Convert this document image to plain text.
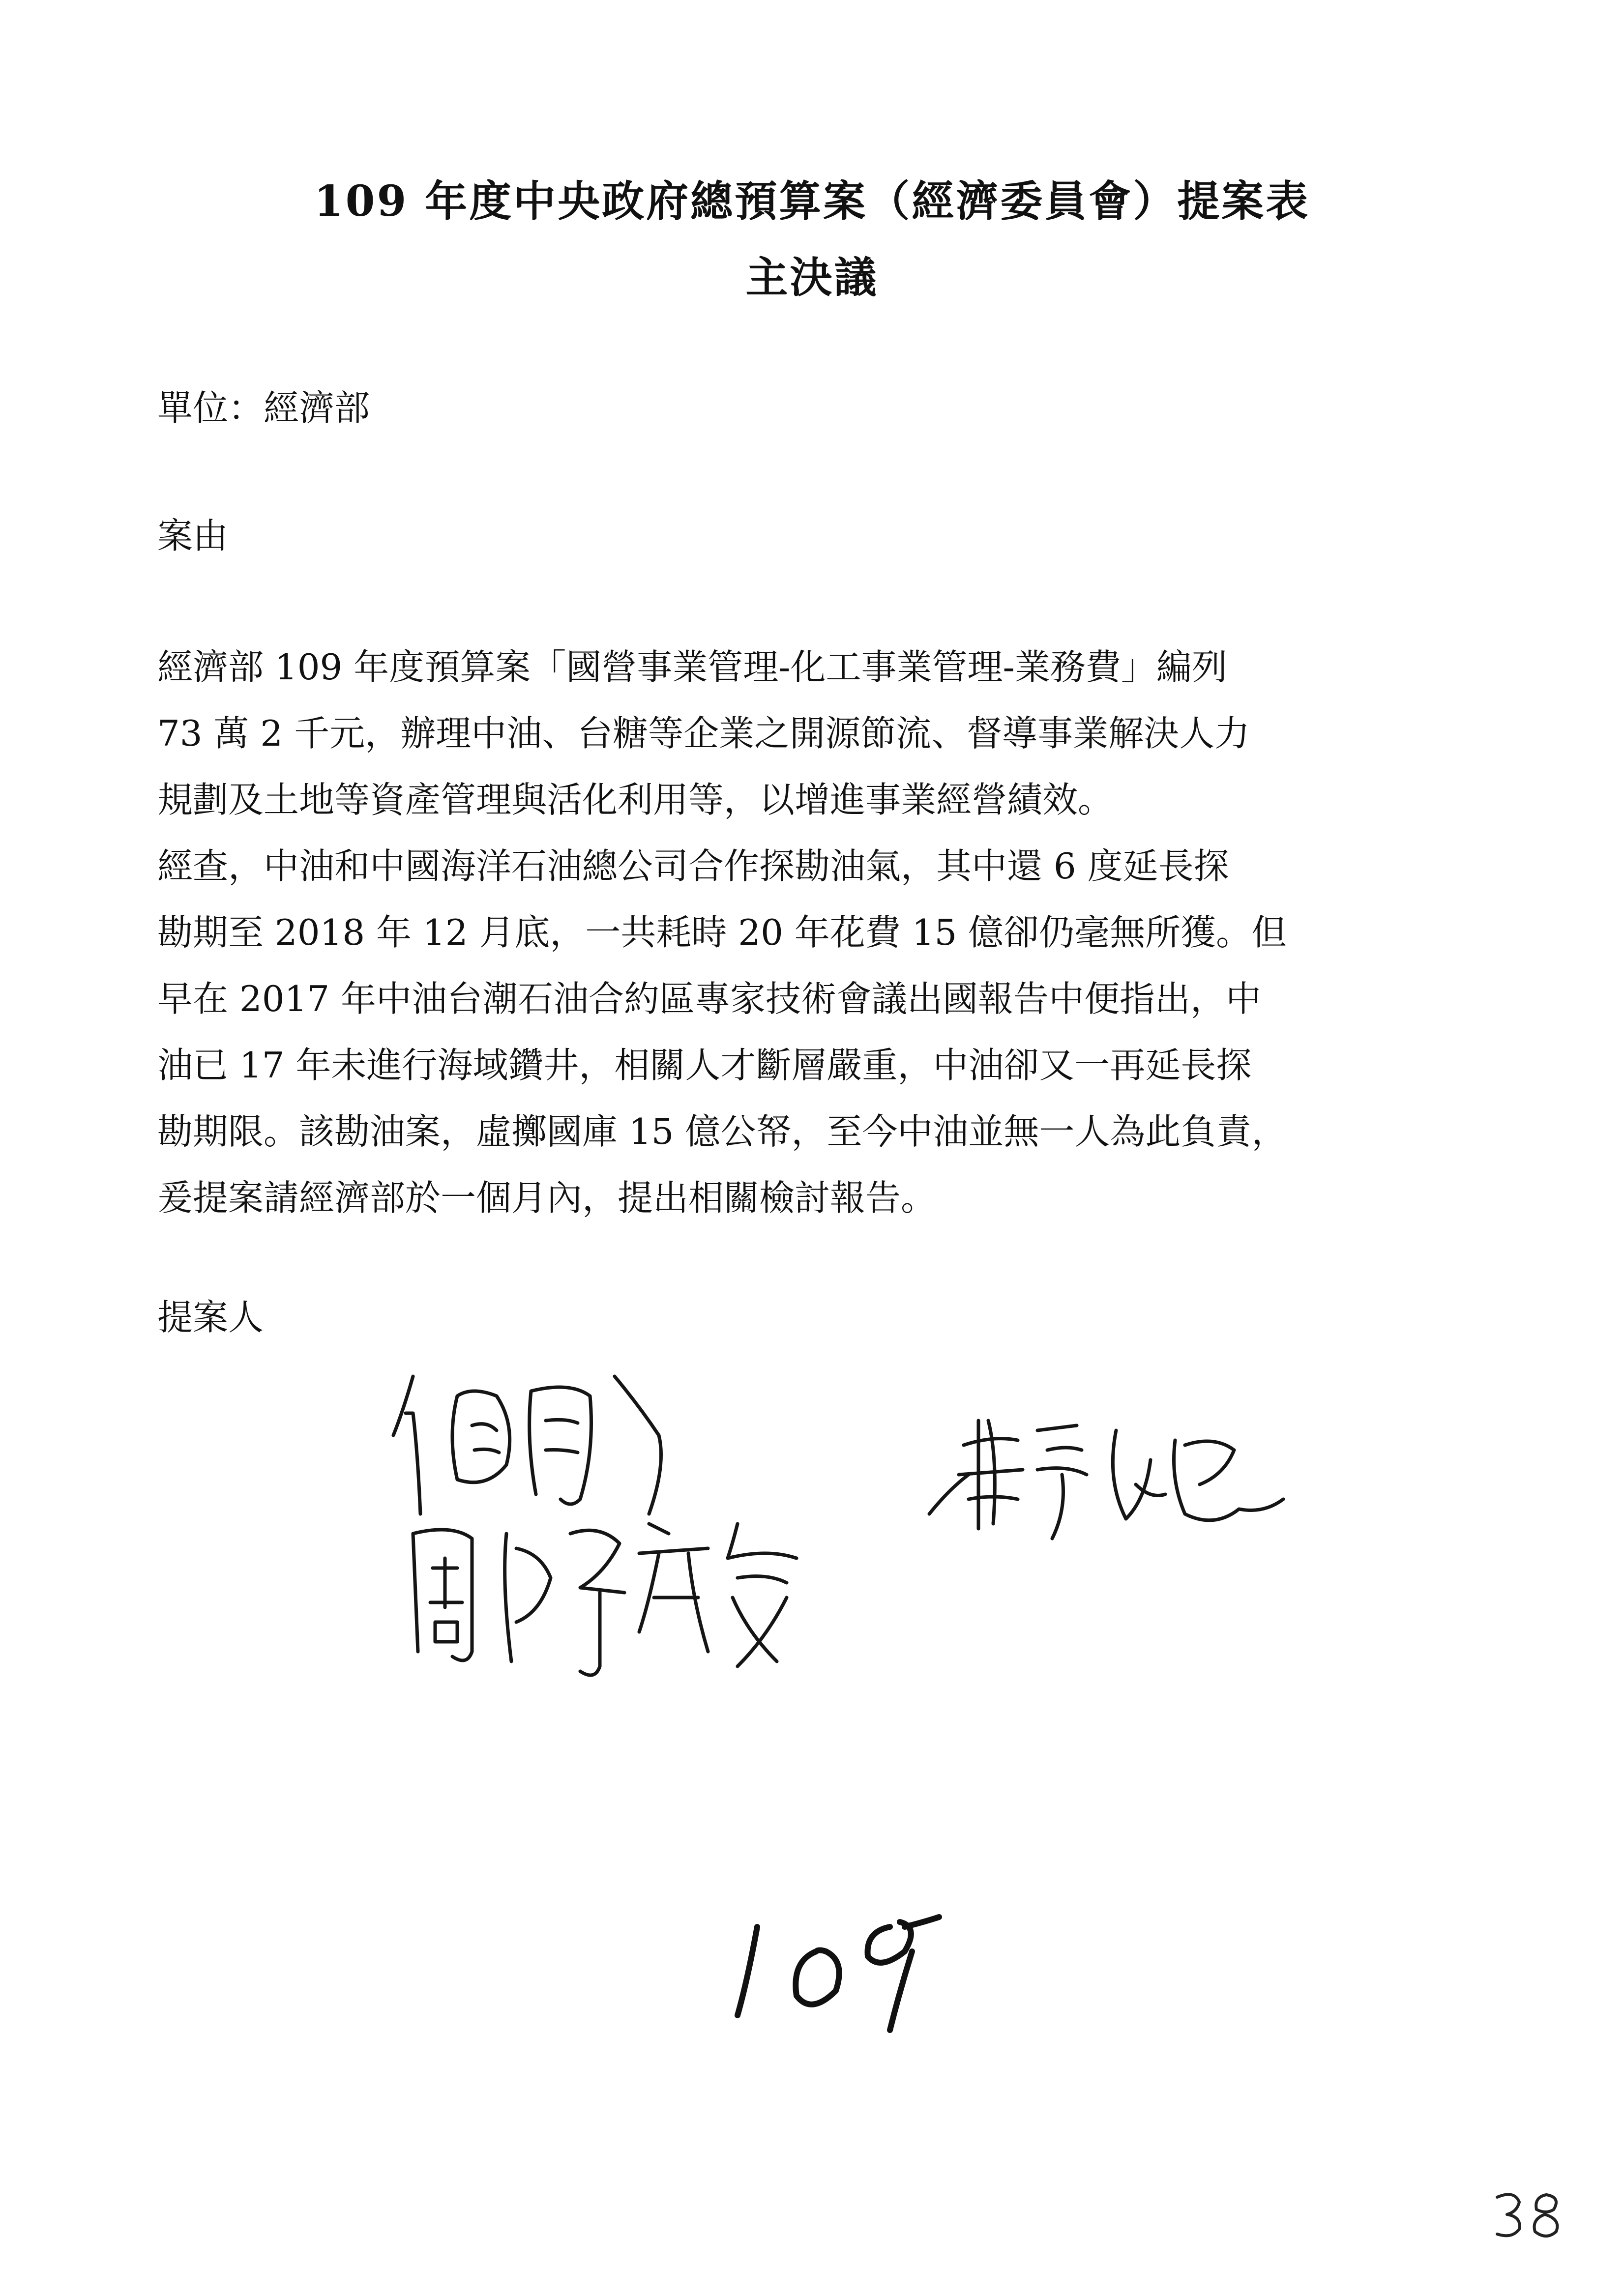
109 年度中央政府總預算案（經濟委員會）提案表
主決議
單位：經濟部
案由
經濟部 109 年度預算案「國營事業管理-化工事業管理-業務費」編列
73 萬 2 千元，辦理中油、台糖等企業之開源節流、督導事業解決人力
規劃及土地等資產管理與活化利用等，以增進事業經營績效。
經查，中油和中國海洋石油總公司合作探勘油氣，其中還 6 度延長探
勘期至 2018 年 12 月底，一共耗時 20 年花費 15 億卻仍毫無所獲。但
早在 2017 年中油台潮石油合約區專家技術會議出國報告中便指出，中
油已 17 年未進行海域鑽井，相關人才斷層嚴重，中油卻又一再延長探
勘期限。該勘油案，虛擲國庫 15 億公帑，至今中油並無一人為此負責，
爰提案請經濟部於一個月內，提出相關檢討報告。
提案人
